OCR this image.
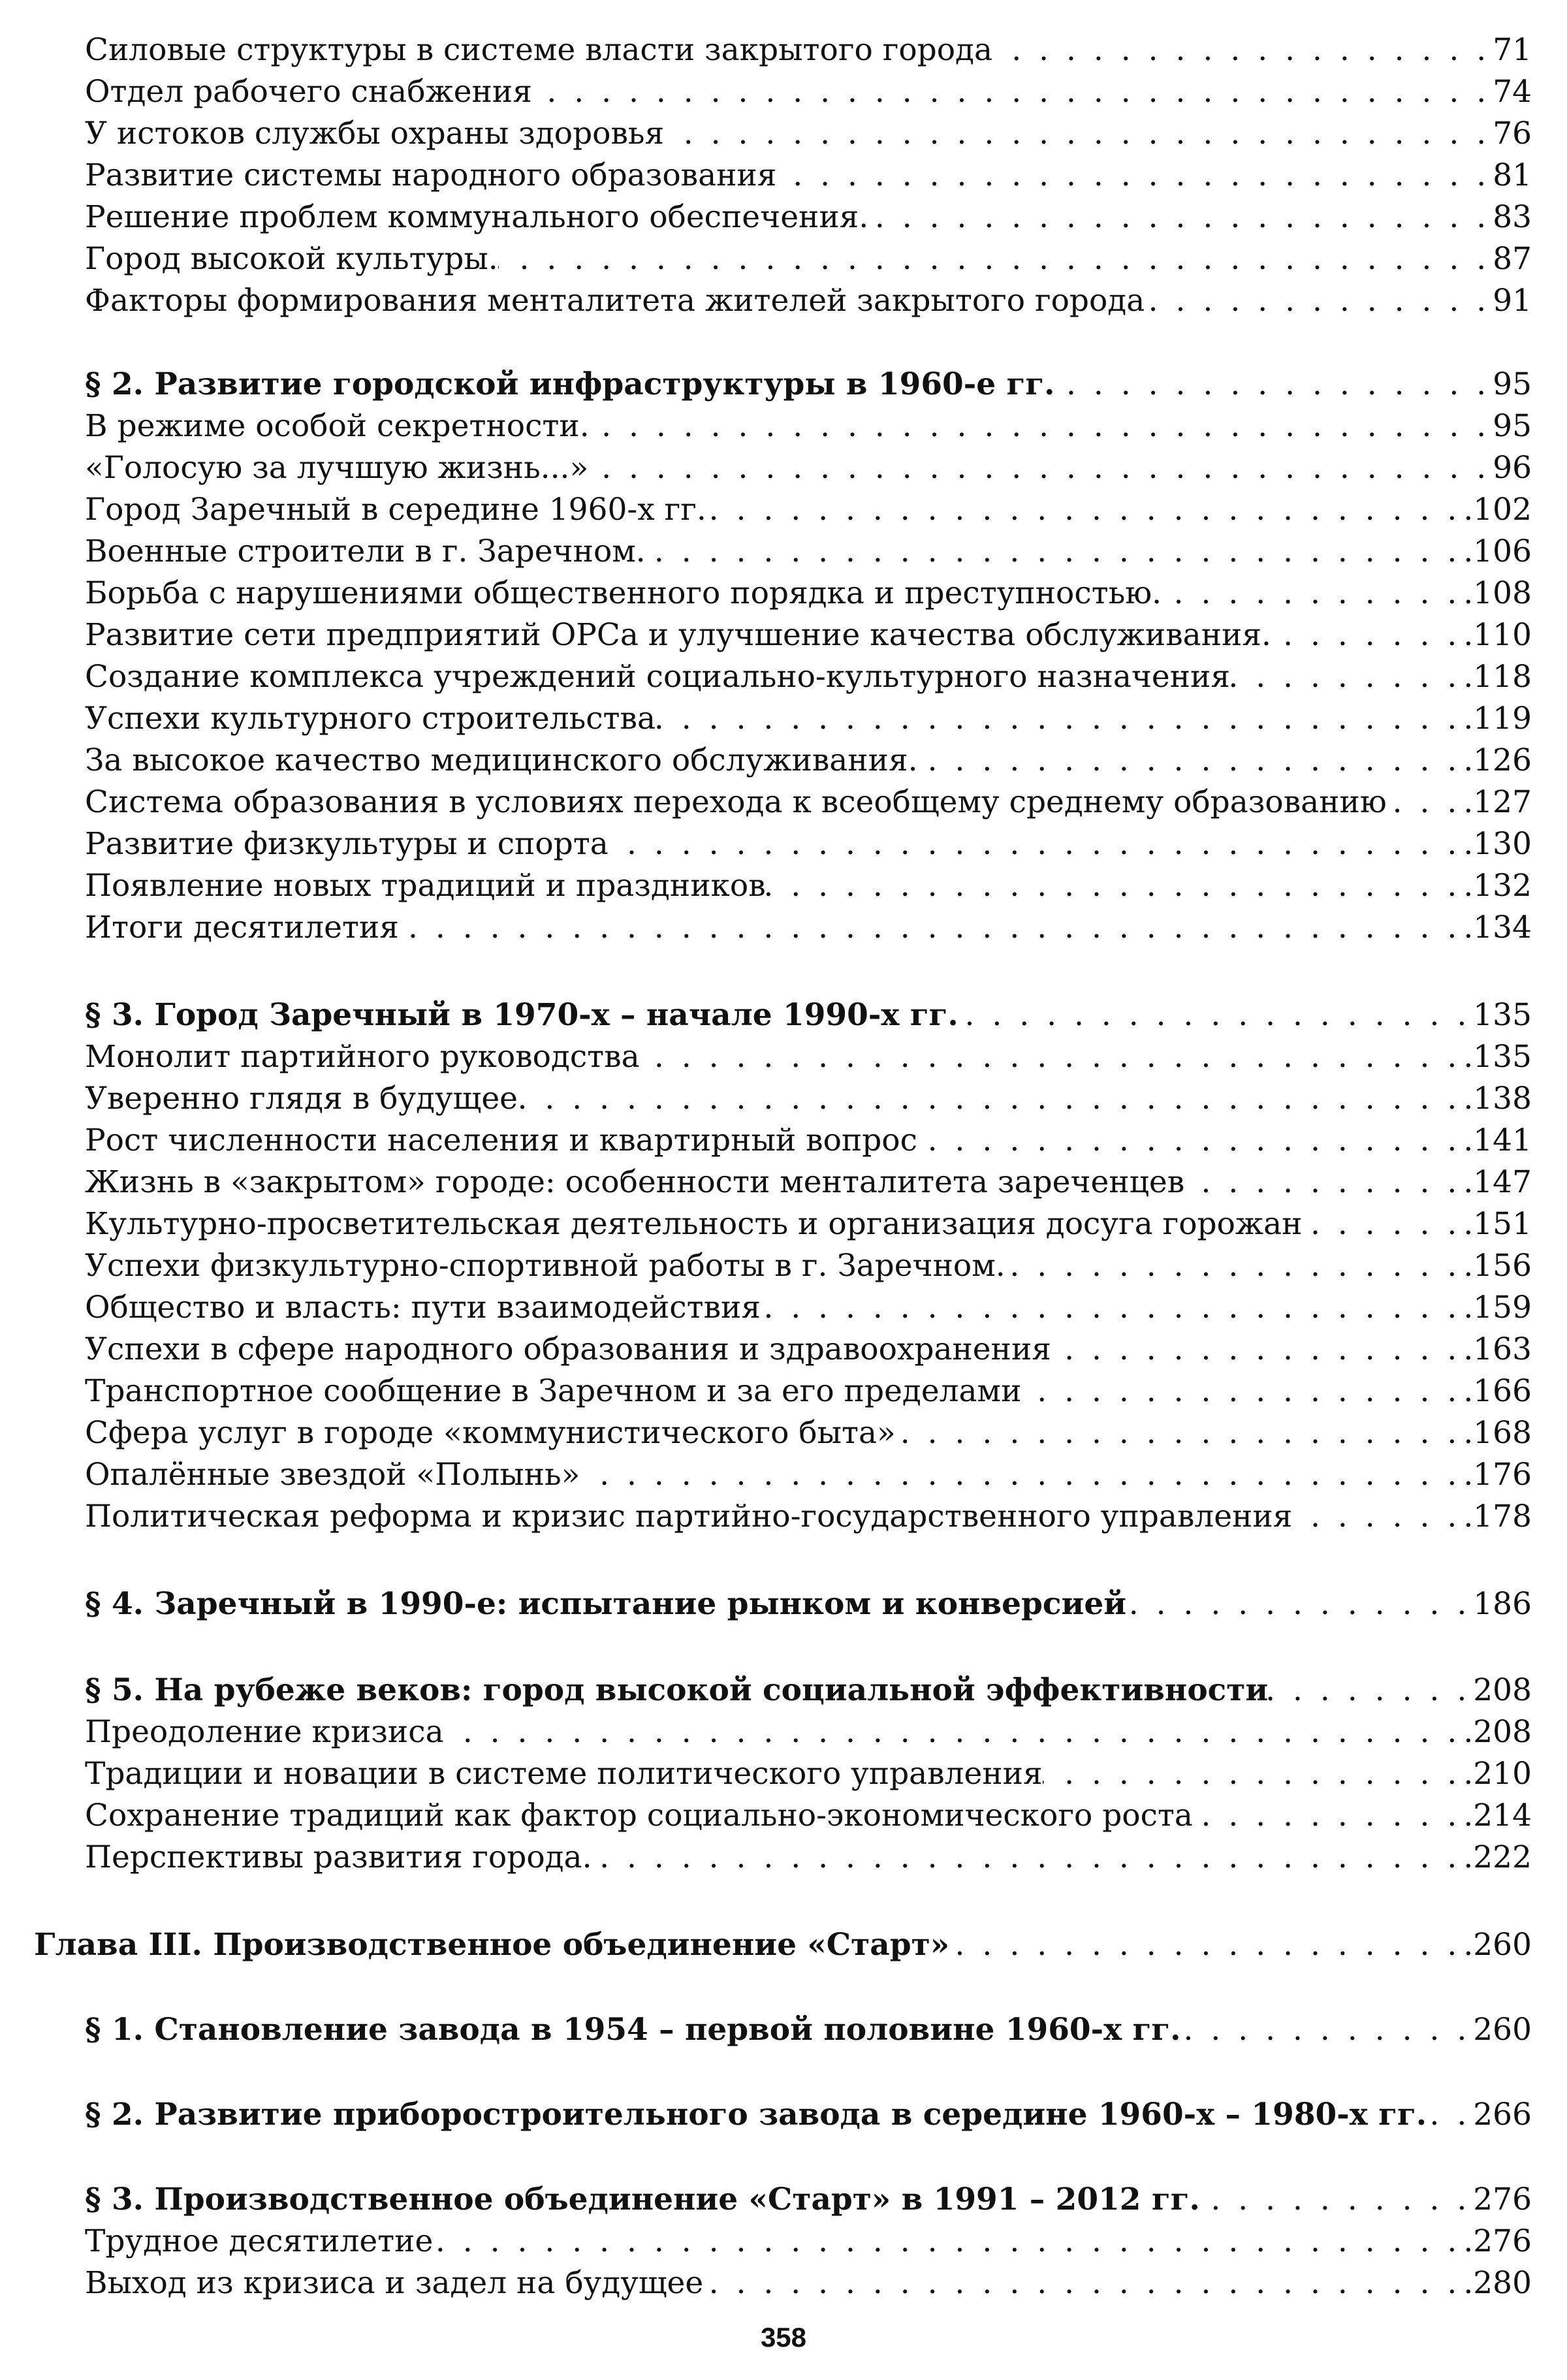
Силовые структуры в системе власти закрытого города . . .	71
Отдел рабочего снабжения . . .	74
У истоков службы охраны здоровья . . .	76
Развитие системы народного образования . . .	81
Решение проблем коммунального обеспечения. . . .	83
Город высокой культуры. . . .	87
Факторы формирования менталитета жителей закрытого города . . .	91
§ 2. Развитие городской инфраструктуры в 1960-е гг. . . .	95
В режиме особой секретности. . . .	95
«Голосую за лучшую жизнь...» . . .	96
Город Заречный в середине 1960-х гг. . . .	.102
Военные строители в г. Заречном. . . .	.106
Борьба с нарушениями общественного порядка и преступностью. . . .	.108
Развитие сети предприятий ОРСа и улучшение качества обслуживания. . . .	.110
Создание комплекса учреждений социально-культурного назначения . . .	.118
Успехи культурного строительства . . .	.119
За высокое качество медицинского обслуживания. . . .	.126
Система образования в условиях перехода к всеобщему среднему образованию . . .	.127
Развитие физкультуры и спорта . . .	.130
Появление новых традиций и праздников . . .	.132
Итоги десятилетия . . .	.134
§ 3. Город Заречный в 1970-х – начале 1990-х гг. . . .	135
Монолит партийного руководства . . .	.135
Уверенно глядя в будущее . . .	.138
Рост численности населения и квартирный вопрос . . .	.141
Жизнь в «закрытом» городе: особенности менталитета зареченцев . . .	.147
Культурно-просветительская деятельность и организация досуга горожан . . .	.151
Успехи физкультурно-спортивной работы в г. Заречном. . . .	.156
Общество и власть: пути взаимодействия . . .	.159
Успехи в сфере народного образования и здравоохранения . . .	.163
Транспортное сообщение в Заречном и за его пределами . . .	.166
Сфера услуг в городе «коммунистического быта» . . .	.168
Опалённые звездой «Полынь» . . .	.176
Политическая реформа и кризис партийно-государственного управления . . .	.178
§ 4. Заречный в 1990-е: испытание рынком и конверсией . . .	186
§ 5. На рубеже веков: город высокой социальной эффективности . . .	208
Преодоление кризиса . . .	.208
Традиции и новации в системе политического управления . . .	.210
Сохранение традиций как фактор социально-экономического роста . . .	.214
Перспективы развития города. . . .	.222
Глава III. Производственное объединение «Старт» . . .	.260
§ 1. Становление завода в 1954 – первой половине 1960-х гг. . . .	260
§ 2. Развитие приборостроительного завода в середине 1960-х – 1980-х гг. . . . 266
§ 3. Производственное объединение «Старт» в 1991 – 2012 гг. . . .	276
Трудное десятилетие . . .	.276
Выход из кризиса и задел на будущее . . .	.280
358
